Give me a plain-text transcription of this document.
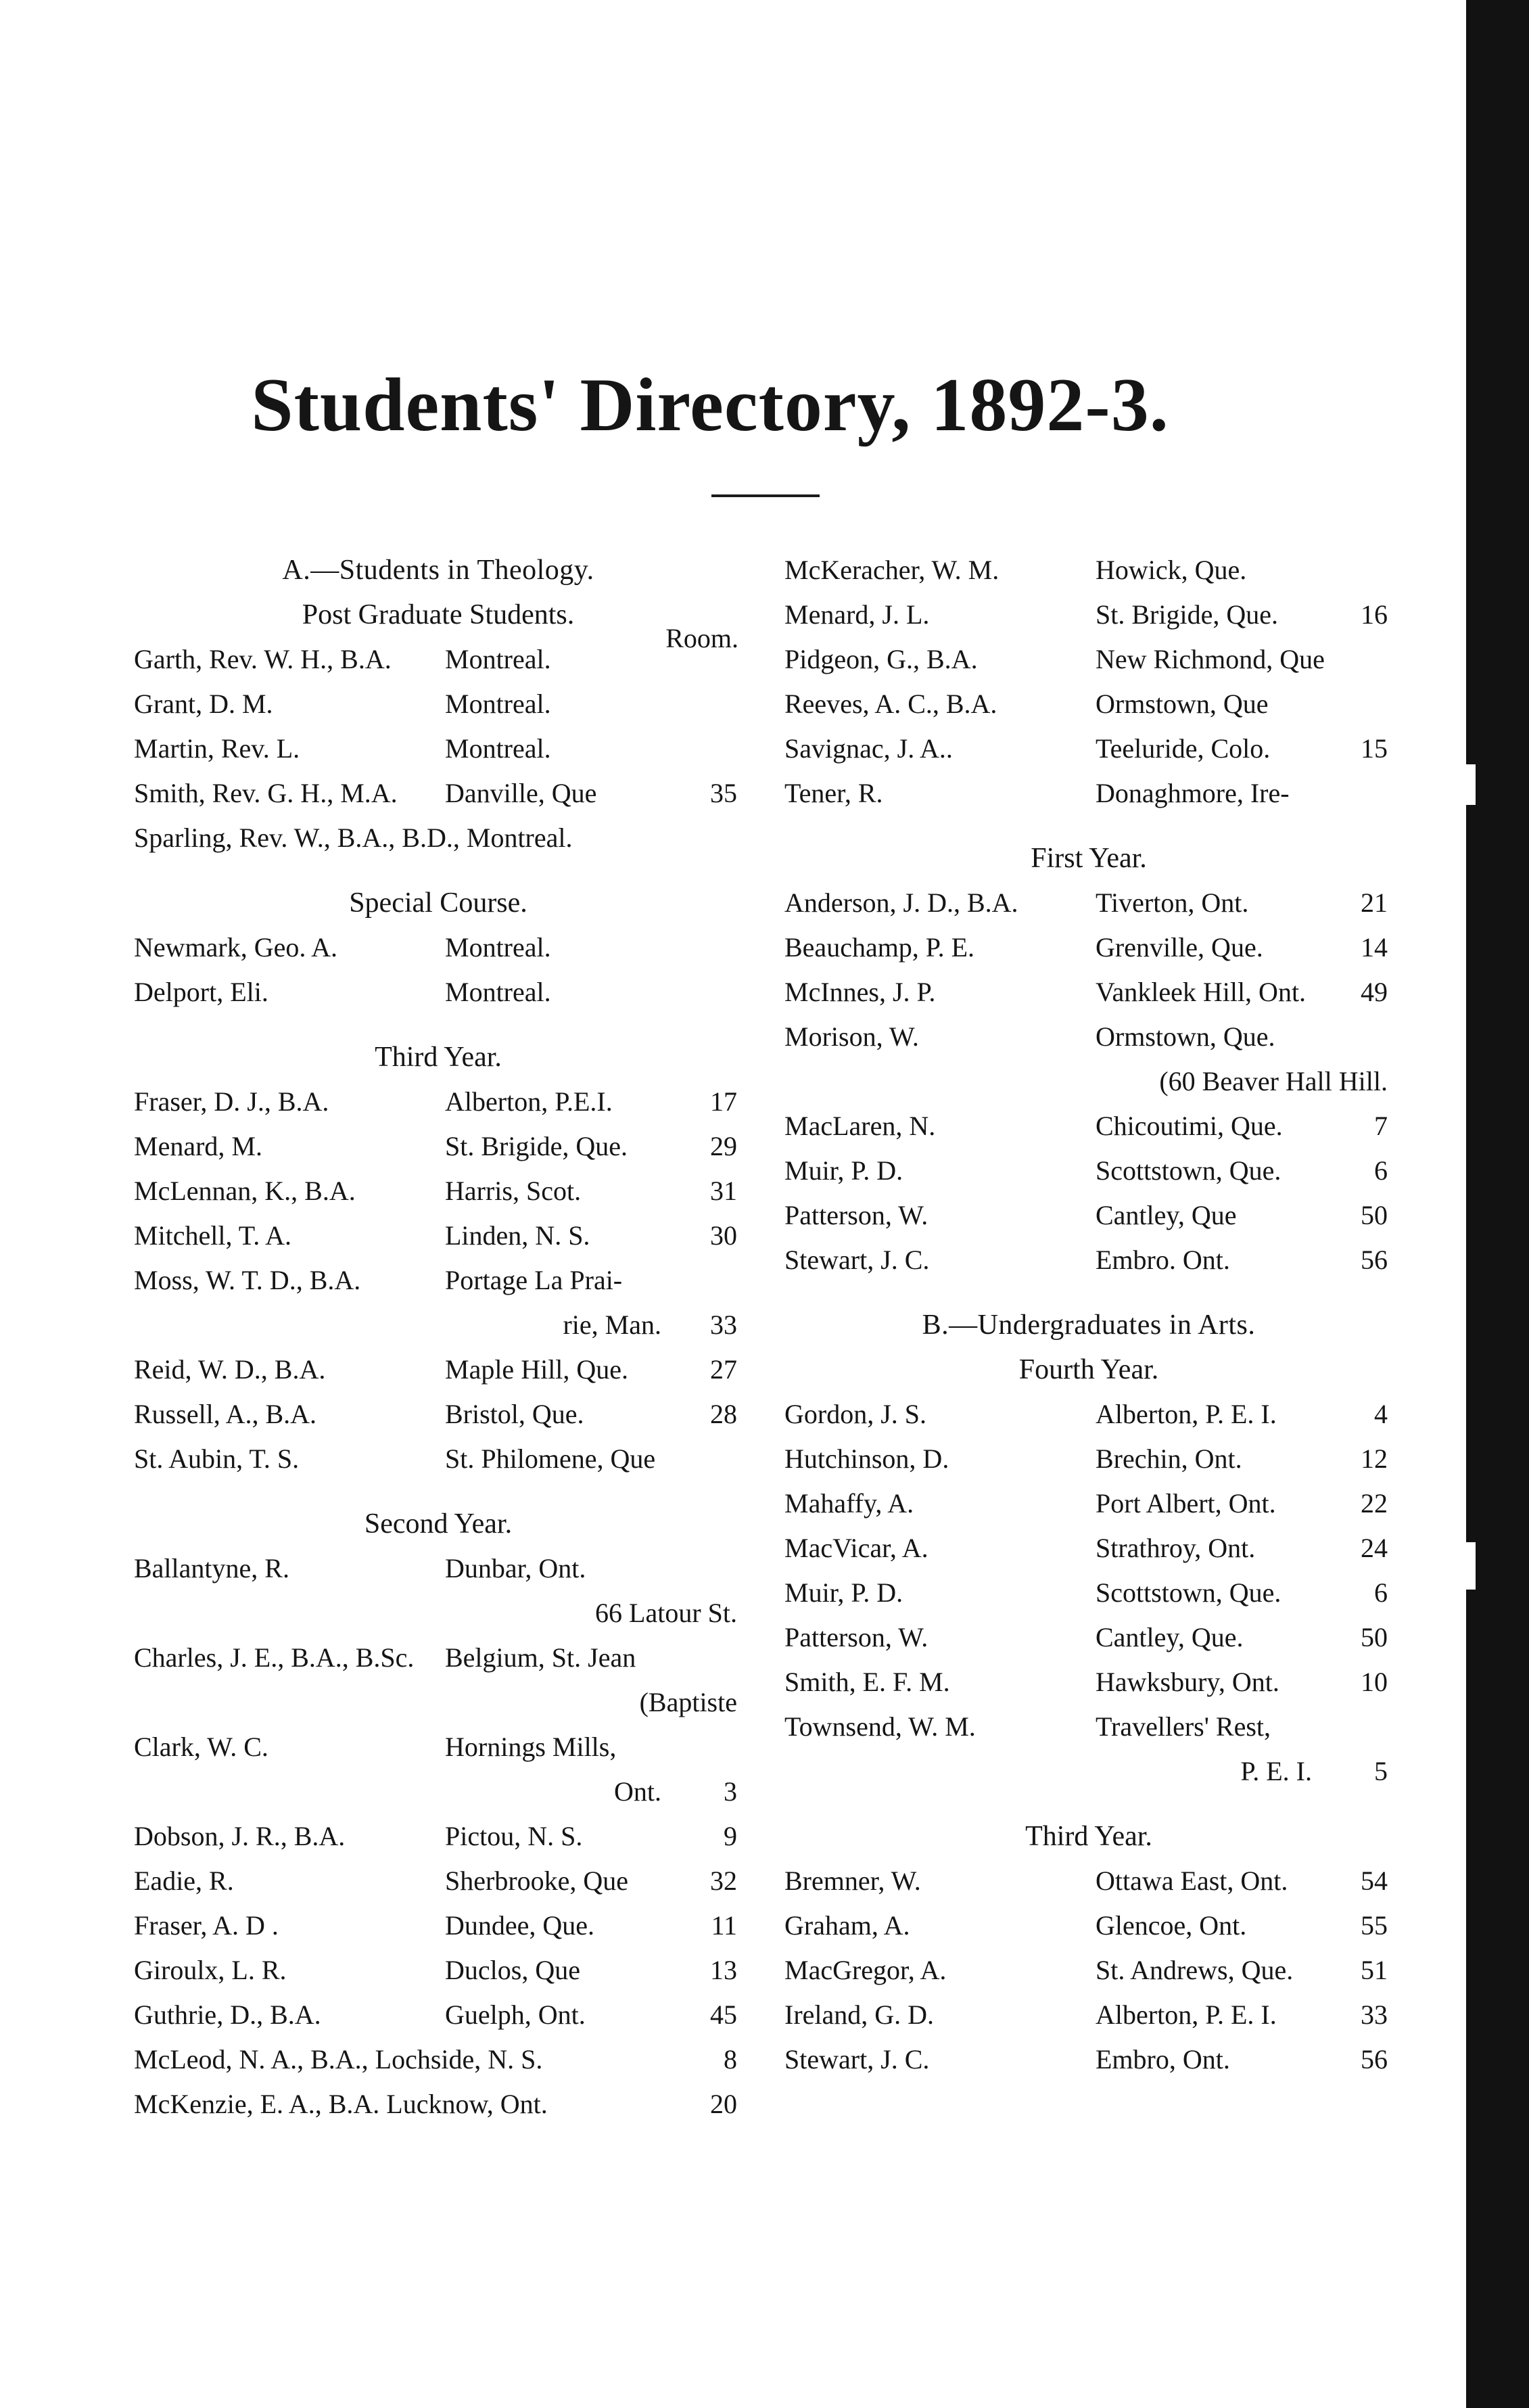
Students' Directory, 1892-3.
A.—Students in Theology.
Post Graduate Students.
Room.
Garth, Rev. W. H., B.A. Montreal.
Grant, D. M.	Montreal.
Martin, Rev. L.	Montreal.
Smith, Rev. G. H., M.A. Danville, Que	35
Sparling, Rev. W., B.A., B.D., Montreal.
Special Course.
Newmark, Geo. A.	Montreal.
Delport, Eli.	Montreal.
Third Year.
Fraser, D. J., B.A.	Alberton, P.E.I.	17
Menard, M.	St. Brigide, Que.	29
McLennan, K., B.A.	Harris, Scot.	31
Mitchell, T. A.	Linden, N. S.	30
Moss, W. T. D., B.A.	Portage La Prai-
rie, Man. 33
Reid, W. D., B.A.	Maple Hill, Que.	27
Russell, A., B.A.	Bristol, Que.	28
St. Aubin, T. S.	St. Philomene, Que
Second Year.
Ballantyne, R.	Dunbar, Ont.
66 Latour St.
Charles, J. E., B.A., B.Sc. Belgium, St. Jean
(Baptiste
Clark, W. C.	Hornings Mills,
Ont. 3
Dobson, J. R., B.A.	Pictou, N. S.	9
Eadie, R.	Sherbrooke, Que	32
Fraser, A. D .	Dundee, Que.	11
Giroulx, L. R.	Duclos, Que	13
Guthrie, D., B.A.	Guelph, Ont.	45
McLeod, N. A., B.A., Lochside, N. S.	8
McKenzie, E. A., B.A. Lucknow, Ont.	20
McKeracher, W. M.	Howick, Que.
Menard, J. L.	St. Brigide, Que.	16
Pidgeon, G., B.A.	New Richmond, Que
Reeves, A. C., B.A.	Ormstown, Que
Savignac, J. A..	Teeluride, Colo.	15
Tener, R.	Donaghmore, Ire-
First Year.
Anderson, J. D., B.A.	Tiverton, Ont.	21
Beauchamp, P. E.	Grenville, Que.	14
McInnes, J. P.	Vankleek Hill, Ont. 49
Morison, W.	Ormstown, Que.
(60 Beaver Hall Hill.
MacLaren, N.	Chicoutimi, Que.	7
Muir, P. D.	Scottstown, Que.	6
Patterson, W.	Cantley, Que	50
Stewart, J. C.	Embro. Ont.	56
B.—Undergraduates in Arts.
Fourth Year.
Gordon, J. S.	Alberton, P. E. I.	4
Hutchinson, D.	Brechin, Ont.	12
Mahaffy, A.	Port Albert, Ont.	22
MacVicar, A.	Strathroy, Ont.	24
Muir, P. D.	Scottstown, Que.	6
Patterson, W.	Cantley, Que.	50
Smith, E. F. M.	Hawksbury, Ont.	10
Townsend, W. M.	Travellers' Rest,
P. E. I. 5
Third Year.
Bremner, W.	Ottawa East, Ont.	54
Graham, A.	Glencoe, Ont.	55
MacGregor, A.	St. Andrews, Que. 51
Ireland, G. D.	Alberton, P. E. I.	33
Stewart, J. C.	Embro, Ont.	56
